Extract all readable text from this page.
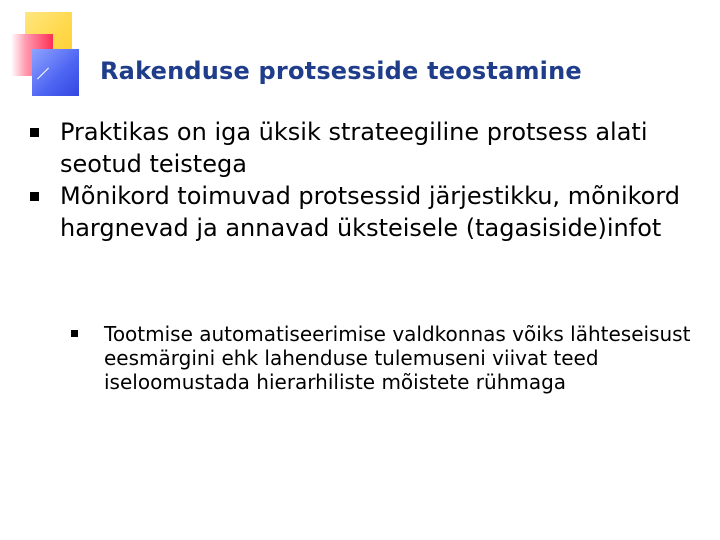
Rakenduse protsesside teostamine
Praktikas on iga üksik strateegiline protsess alati seotud teistega
Mõnikord toimuvad protsessid järjestikku, mõnikord hargnevad ja annavad üksteisele (tagasiside)infot
Tootmise automatiseerimise valdkonnas võiks lähteseisust eesmärgini ehk lahenduse tulemuseni viivat teed iseloomustada hierarhiliste mõistete rühmaga
